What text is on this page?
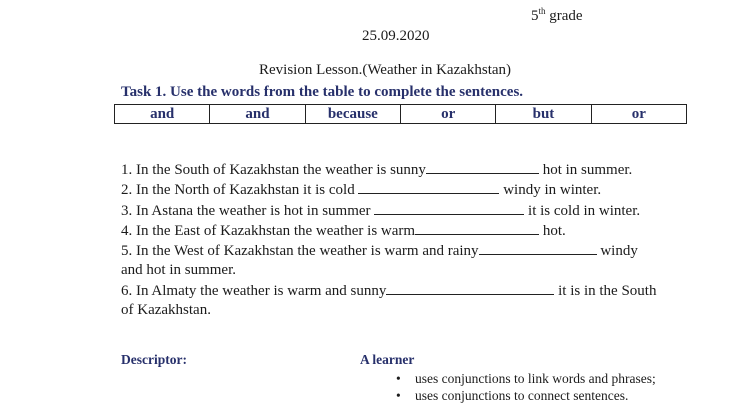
5th grade
25.09.2020
Revision Lesson.(Weather in Kazakhstan)
Task 1. Use the words from the table to complete the sentences.
and	and	because	or	but	or
1. In the South of Kazakhstan the weather is sunny	hot in summer.
2. In the North of Kazakhstan it is cold	windy in winter.
3. In Astana the weather is hot in summer	it is cold in winter.
4. In the East of Kazakhstan the weather is warm	hot.
5. In the West of Kazakhstan the weather is warm and rainy	windy and hot in summer.
6. In Almaty the weather is warm and sunny	it is in the South of Kazakhstan.
Descriptor:	A learner
• uses conjunctions to link words and phrases;
• uses conjunctions to connect sentences.
